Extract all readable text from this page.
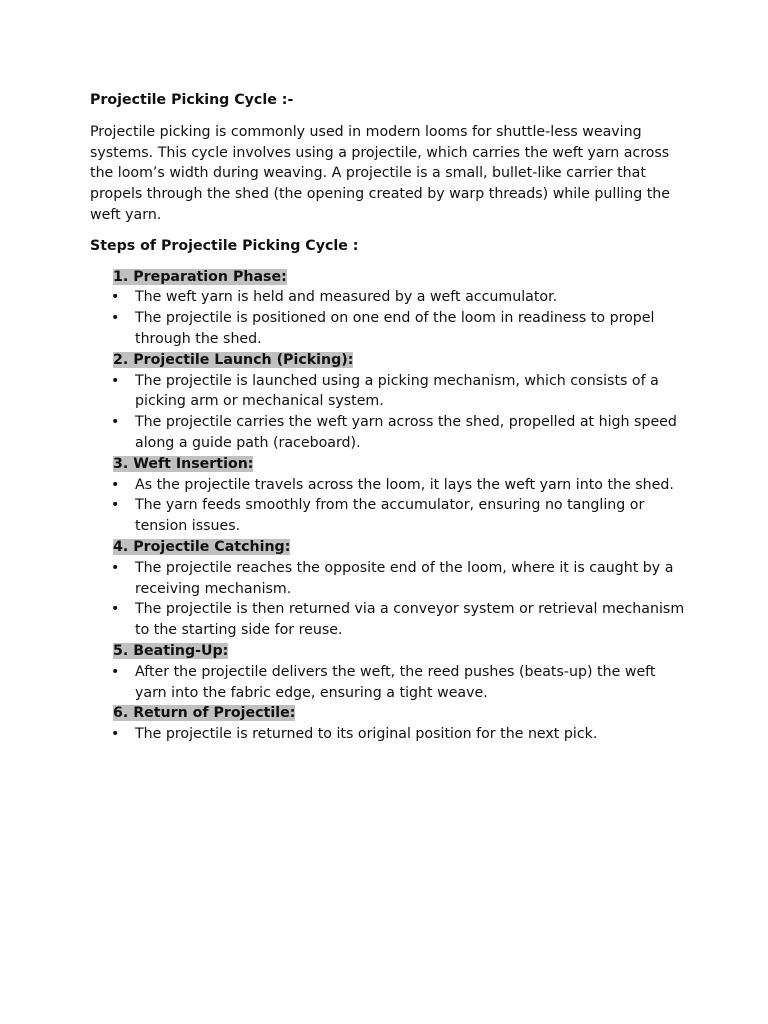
Projectile Picking Cycle :-
Projectile picking is commonly used in modern looms for shuttle-less weaving systems. This cycle involves using a projectile, which carries the weft yarn across the loom’s width during weaving. A projectile is a small, bullet-like carrier that propels through the shed (the opening created by warp threads) while pulling the weft yarn.
Steps of Projectile Picking Cycle :
1. Preparation Phase:
• The weft yarn is held and measured by a weft accumulator.
• The projectile is positioned on one end of the loom in readiness to propel through the shed.
2. Projectile Launch (Picking):
• The projectile is launched using a picking mechanism, which consists of a picking arm or mechanical system.
• The projectile carries the weft yarn across the shed, propelled at high speed along a guide path (raceboard).
3. Weft Insertion:
• As the projectile travels across the loom, it lays the weft yarn into the shed.
• The yarn feeds smoothly from the accumulator, ensuring no tangling or tension issues.
4. Projectile Catching:
• The projectile reaches the opposite end of the loom, where it is caught by a receiving mechanism.
• The projectile is then returned via a conveyor system or retrieval mechanism to the starting side for reuse.
5. Beating-Up:
• After the projectile delivers the weft, the reed pushes (beats-up) the weft yarn into the fabric edge, ensuring a tight weave.
6. Return of Projectile:
• The projectile is returned to its original position for the next pick.
